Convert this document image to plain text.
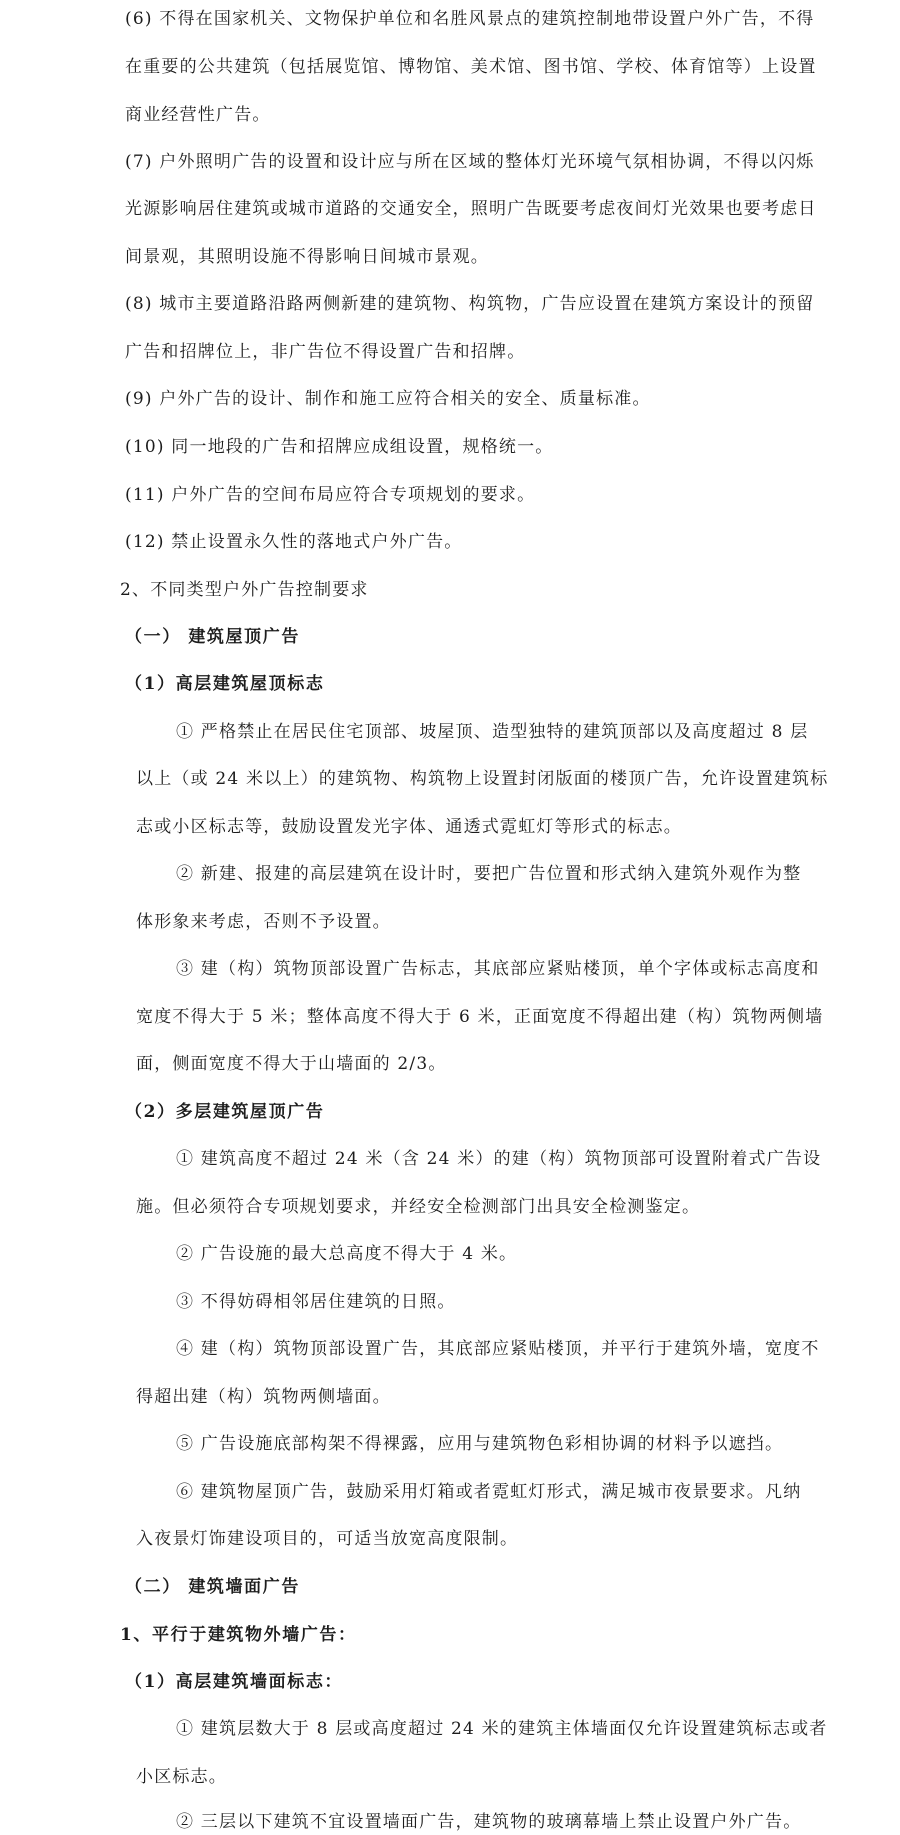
(6) 不得在国家机关、文物保护单位和名胜风景点的建筑控制地带设置户外广告，不得
在重要的公共建筑（包括展览馆、博物馆、美术馆、图书馆、学校、体育馆等）上设置
商业经营性广告。
(7) 户外照明广告的设置和设计应与所在区域的整体灯光环境气氛相协调，不得以闪烁
光源影响居住建筑或城市道路的交通安全，照明广告既要考虑夜间灯光效果也要考虑日
间景观，其照明设施不得影响日间城市景观。
(8) 城市主要道路沿路两侧新建的建筑物、构筑物，广告应设置在建筑方案设计的预留
广告和招牌位上，非广告位不得设置广告和招牌。
(9) 户外广告的设计、制作和施工应符合相关的安全、质量标准。
(10) 同一地段的广告和招牌应成组设置，规格统一。
(11) 户外广告的空间布局应符合专项规划的要求。
(12) 禁止设置永久性的落地式户外广告。
2、不同类型户外广告控制要求
（一） 建筑屋顶广告
（1）高层建筑屋顶标志
① 严格禁止在居民住宅顶部、坡屋顶、造型独特的建筑顶部以及高度超过 8 层
以上（或 24 米以上）的建筑物、构筑物上设置封闭版面的楼顶广告，允许设置建筑标
志或小区标志等，鼓励设置发光字体、通透式霓虹灯等形式的标志。
② 新建、报建的高层建筑在设计时，要把广告位置和形式纳入建筑外观作为整
体形象来考虑，否则不予设置。
③ 建（构）筑物顶部设置广告标志，其底部应紧贴楼顶，单个字体或标志高度和
宽度不得大于 5 米；整体高度不得大于 6 米，正面宽度不得超出建（构）筑物两侧墙
面，侧面宽度不得大于山墙面的 2/3。
（2）多层建筑屋顶广告
① 建筑高度不超过 24 米（含 24 米）的建（构）筑物顶部可设置附着式广告设
施。但必须符合专项规划要求，并经安全检测部门出具安全检测鉴定。
② 广告设施的最大总高度不得大于 4 米。
③ 不得妨碍相邻居住建筑的日照。
④ 建（构）筑物顶部设置广告，其底部应紧贴楼顶，并平行于建筑外墙，宽度不
得超出建（构）筑物两侧墙面。
⑤ 广告设施底部构架不得裸露，应用与建筑物色彩相协调的材料予以遮挡。
⑥ 建筑物屋顶广告，鼓励采用灯箱或者霓虹灯形式，满足城市夜景要求。凡纳
入夜景灯饰建设项目的，可适当放宽高度限制。
（二） 建筑墙面广告
1、平行于建筑物外墙广告：
（1）高层建筑墙面标志：
① 建筑层数大于 8 层或高度超过 24 米的建筑主体墙面仅允许设置建筑标志或者
小区标志。
② 三层以下建筑不宜设置墙面广告，建筑物的玻璃幕墙上禁止设置户外广告。
